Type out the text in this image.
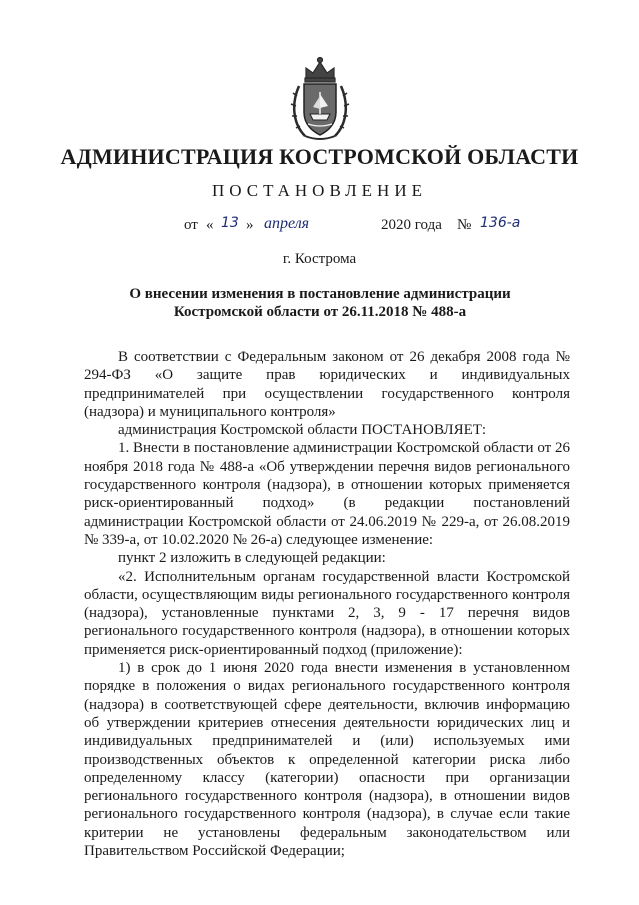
АДМИНИСТРАЦИЯ КОСТРОМСКОЙ ОБЛАСТИ
ПОСТАНОВЛЕНИЕ
от « 13 » апреля	2020 года № 136-а
г. Кострома
О внесении изменения в постановление администрации
Костромской области от 26.11.2018 № 488-а

В соответствии с Федеральным законом от 26 декабря 2008 года № 294-ФЗ «О защите прав юридических и индивидуальных предпринимателей при осуществлении государственного контроля (надзора) и муниципального контроля»

администрация Костромской области ПОСТАНОВЛЯЕТ:

1. Внести в постановление администрации Костромской области от 26 ноября 2018 года № 488-а «Об утверждении перечня видов регионального государственного контроля (надзора), в отношении которых применяется риск-ориентированный подход» (в редакции постановлений администрации Костромской области от 24.06.2019 № 229-а, от 26.08.2019 № 339-а, от 10.02.2020 № 26-а) следующее изменение:

пункт 2 изложить в следующей редакции:

«2. Исполнительным органам государственной власти Костромской области, осуществляющим виды регионального государственного контроля (надзора), установленные пунктами 2, 3, 9 - 17 перечня видов регионального государственного контроля (надзора), в отношении которых применяется риск-ориентированный подход (приложение):

1) в срок до 1 июня 2020 года внести изменения в установленном порядке в положения о видах регионального государственного контроля (надзора) в соответствующей сфере деятельности, включив информацию об утверждении критериев отнесения деятельности юридических лиц и индивидуальных предпринимателей и (или) используемых ими производственных объектов к определенной категории риска либо определенному классу (категории) опасности при организации регионального государственного контроля (надзора), в отношении видов регионального государственного контроля (надзора), в случае если такие критерии не установлены федеральным законодательством или Правительством Российской Федерации;
